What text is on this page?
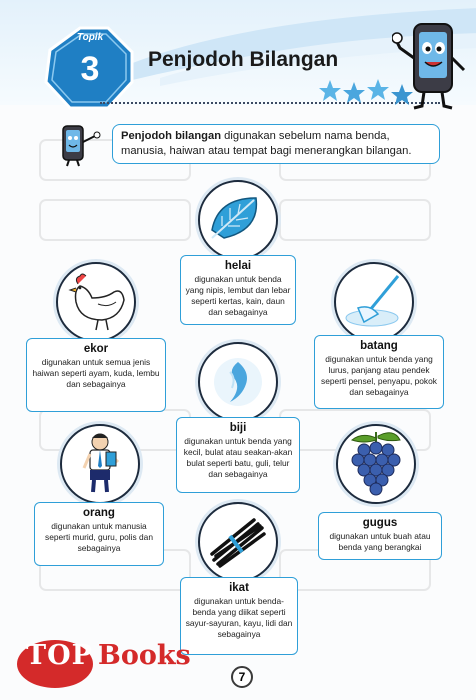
Topik
3	Penjodoh Bilangan
Penjodoh bilangan digunakan sebelum nama benda, manusia, haiwan atau tempat bagi menerangkan bilangan.
helai
digunakan untuk benda yang nipis, lembut dan lebar seperti kertas, kain, daun dan sebagainya
ekor
digunakan untuk semua jenis haiwan seperti ayam, kuda, lembu dan sebagainya
batang
digunakan untuk benda yang lurus, panjang atau pendek seperti pensel, penyapu, pokok dan sebagainya
biji
digunakan untuk benda yang kecil, bulat atau seakan-akan bulat seperti batu, guli, telur dan sebagainya
orang
digunakan untuk manusia seperti murid, guru, polis dan sebagainya
gugus
digunakan untuk buah atau benda yang berangkai
ikat
digunakan untuk benda-benda yang diikat seperti sayur-sayuran, kayu, lidi dan sebagainya
7
TOP Books
